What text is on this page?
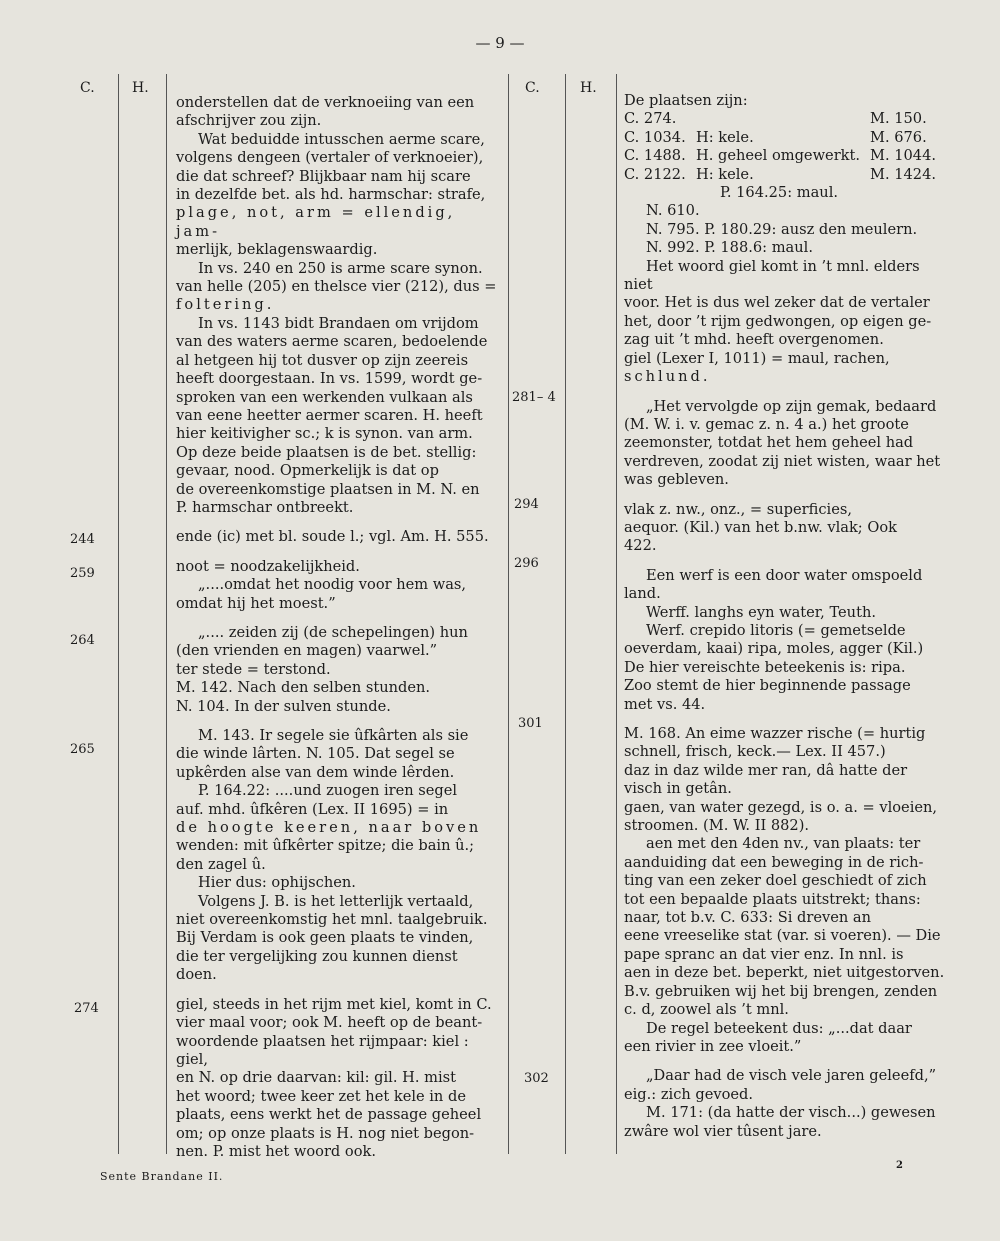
— 9 —
C.	H.	C.	H.
244
259
264
265
274
281– 4
294
296
301
302

onderstellen dat de verknoeiing van een

afschrijver zou zijn.

Wat beduidde intusschen aerme scare,

volgens dengeen (vertaler of verknoeier),

die dat schreef? Blijkbaar nam hij scare

in dezelfde bet. als hd. harmschar: strafe,

plage, not, arm = ellendig, jam-

merlijk, beklagenswaardig.

In vs. 240 en 250 is arme scare synon.

van helle (205) en thelsce vier (212), dus =

foltering.

In vs. 1143 bidt Brandaen om vrijdom

van des waters aerme scaren, bedoelende

al hetgeen hij tot dusver op zijn zeereis

heeft doorgestaan. In vs. 1599, wordt ge-

sproken van een werkenden vulkaan als

van eene heetter aermer scaren. H. heeft

hier keitivigher sc.; k is synon. van arm.

Op deze beide plaatsen is de bet. stellig:

gevaar, nood. Opmerkelijk is dat op

de overeenkomstige plaatsen in M. N. en

P. harmschar ontbreekt.

ende (ic) met bl. soude l.; vgl. Am. H. 555.

noot = noodzakelijkheid.

„....omdat het noodig voor hem was,

omdat hij het moest.”

„.... zeiden zij (de schepelingen) hun

(den vrienden en magen) vaarwel.”

ter stede = terstond.

M. 142. Nach den selben stunden.

N. 104. In der sulven stunde.

M. 143. Ir segele sie ûfkârten als sie

die winde lârten. N. 105. Dat segel se

upkêrden alse van dem winde lêrden.

P. 164.22: ....und zuogen iren segel

auf. mhd. ûfkêren (Lex. II 1695) = in

de hoogte keeren, naar boven

wenden: mit ûfkêrter spitze; die bain û.;

den zagel û.

Hier dus: ophijschen.

Volgens J. B. is het letterlijk vertaald,

niet overeenkomstig het mnl. taalgebruik.

Bij Verdam is ook geen plaats te vinden,

die ter vergelijking zou kunnen dienst doen.

giel, steeds in het rijm met kiel, komt in C.

vier maal voor; ook M. heeft op de beant-

woordende plaatsen het rijmpaar: kiel : giel,

en N. op drie daarvan: kil: gil. H. mist

het woord; twee keer zet het kele in de

plaats, eens werkt het de passage geheel

om; op onze plaats is H. nog niet begon-

nen. P. mist het woord ook.

De plaatsen zijn:

C. 274.		M. 150.
C. 1034.	H: kele.	M. 676.
C. 1488.	H. geheel omgewerkt.	M. 1044.
C. 2122.	H: kele.	M. 1424.

P. 164.25: maul.

N. 610.

N. 795. P. 180.29: ausz den meulern.

N. 992. P. 188.6: maul.

Het woord giel komt in ’t mnl. elders niet

voor. Het is dus wel zeker dat de vertaler

het, door ’t rijm gedwongen, op eigen ge-

zag uit ’t mhd. heeft overgenomen.

giel (Lexer I, 1011) = maul, rachen,

schlund.

„Het vervolgde op zijn gemak, bedaard

(M. W. i. v. gemac z. n. 4 a.) het groote

zeemonster, totdat het hem geheel had

verdreven, zoodat zij niet wisten, waar het

was gebleven.

vlak z. nw., onz., = superficies,

aequor. (Kil.) van het b.nw. vlak; Ook

422.

Een werf is een door water omspoeld

land.

Werff. langhs eyn water, Teuth.

Werf. crepido litoris (= gemetselde

oeverdam, kaai) ripa, moles, agger (Kil.)

De hier vereischte beteekenis is: ripa.

Zoo stemt de hier beginnende passage

met vs. 44.

M. 168. An eime wazzer rische (= hurtig

schnell, frisch, keck.— Lex. II 457.)

daz in daz wilde mer ran, dâ hatte der

visch in getân.

gaen, van water gezegd, is o. a. = vloeien,

stroomen. (M. W. II 882).

aen met den 4den nv., van plaats: ter

aanduiding dat een beweging in de rich-

ting van een zeker doel geschiedt of zich

tot een bepaalde plaats uitstrekt; thans:

naar, tot b.v. C. 633: Si dreven an

eene vreeselike stat (var. si voeren). — Die

pape spranc an dat vier enz. In nnl. is

aen in deze bet. beperkt, niet uitgestorven.

B.v. gebruiken wij het bij brengen, zenden

c. d, zoowel als ’t mnl.

De regel beteekent dus: „...dat daar

een rivier in zee vloeit.”

„Daar had de visch vele jaren geleefd,”

eig.: zich gevoed.

M. 171: (da hatte der visch...) gewesen

zwâre wol vier tûsent jare.

Sente Brandane II.
2
